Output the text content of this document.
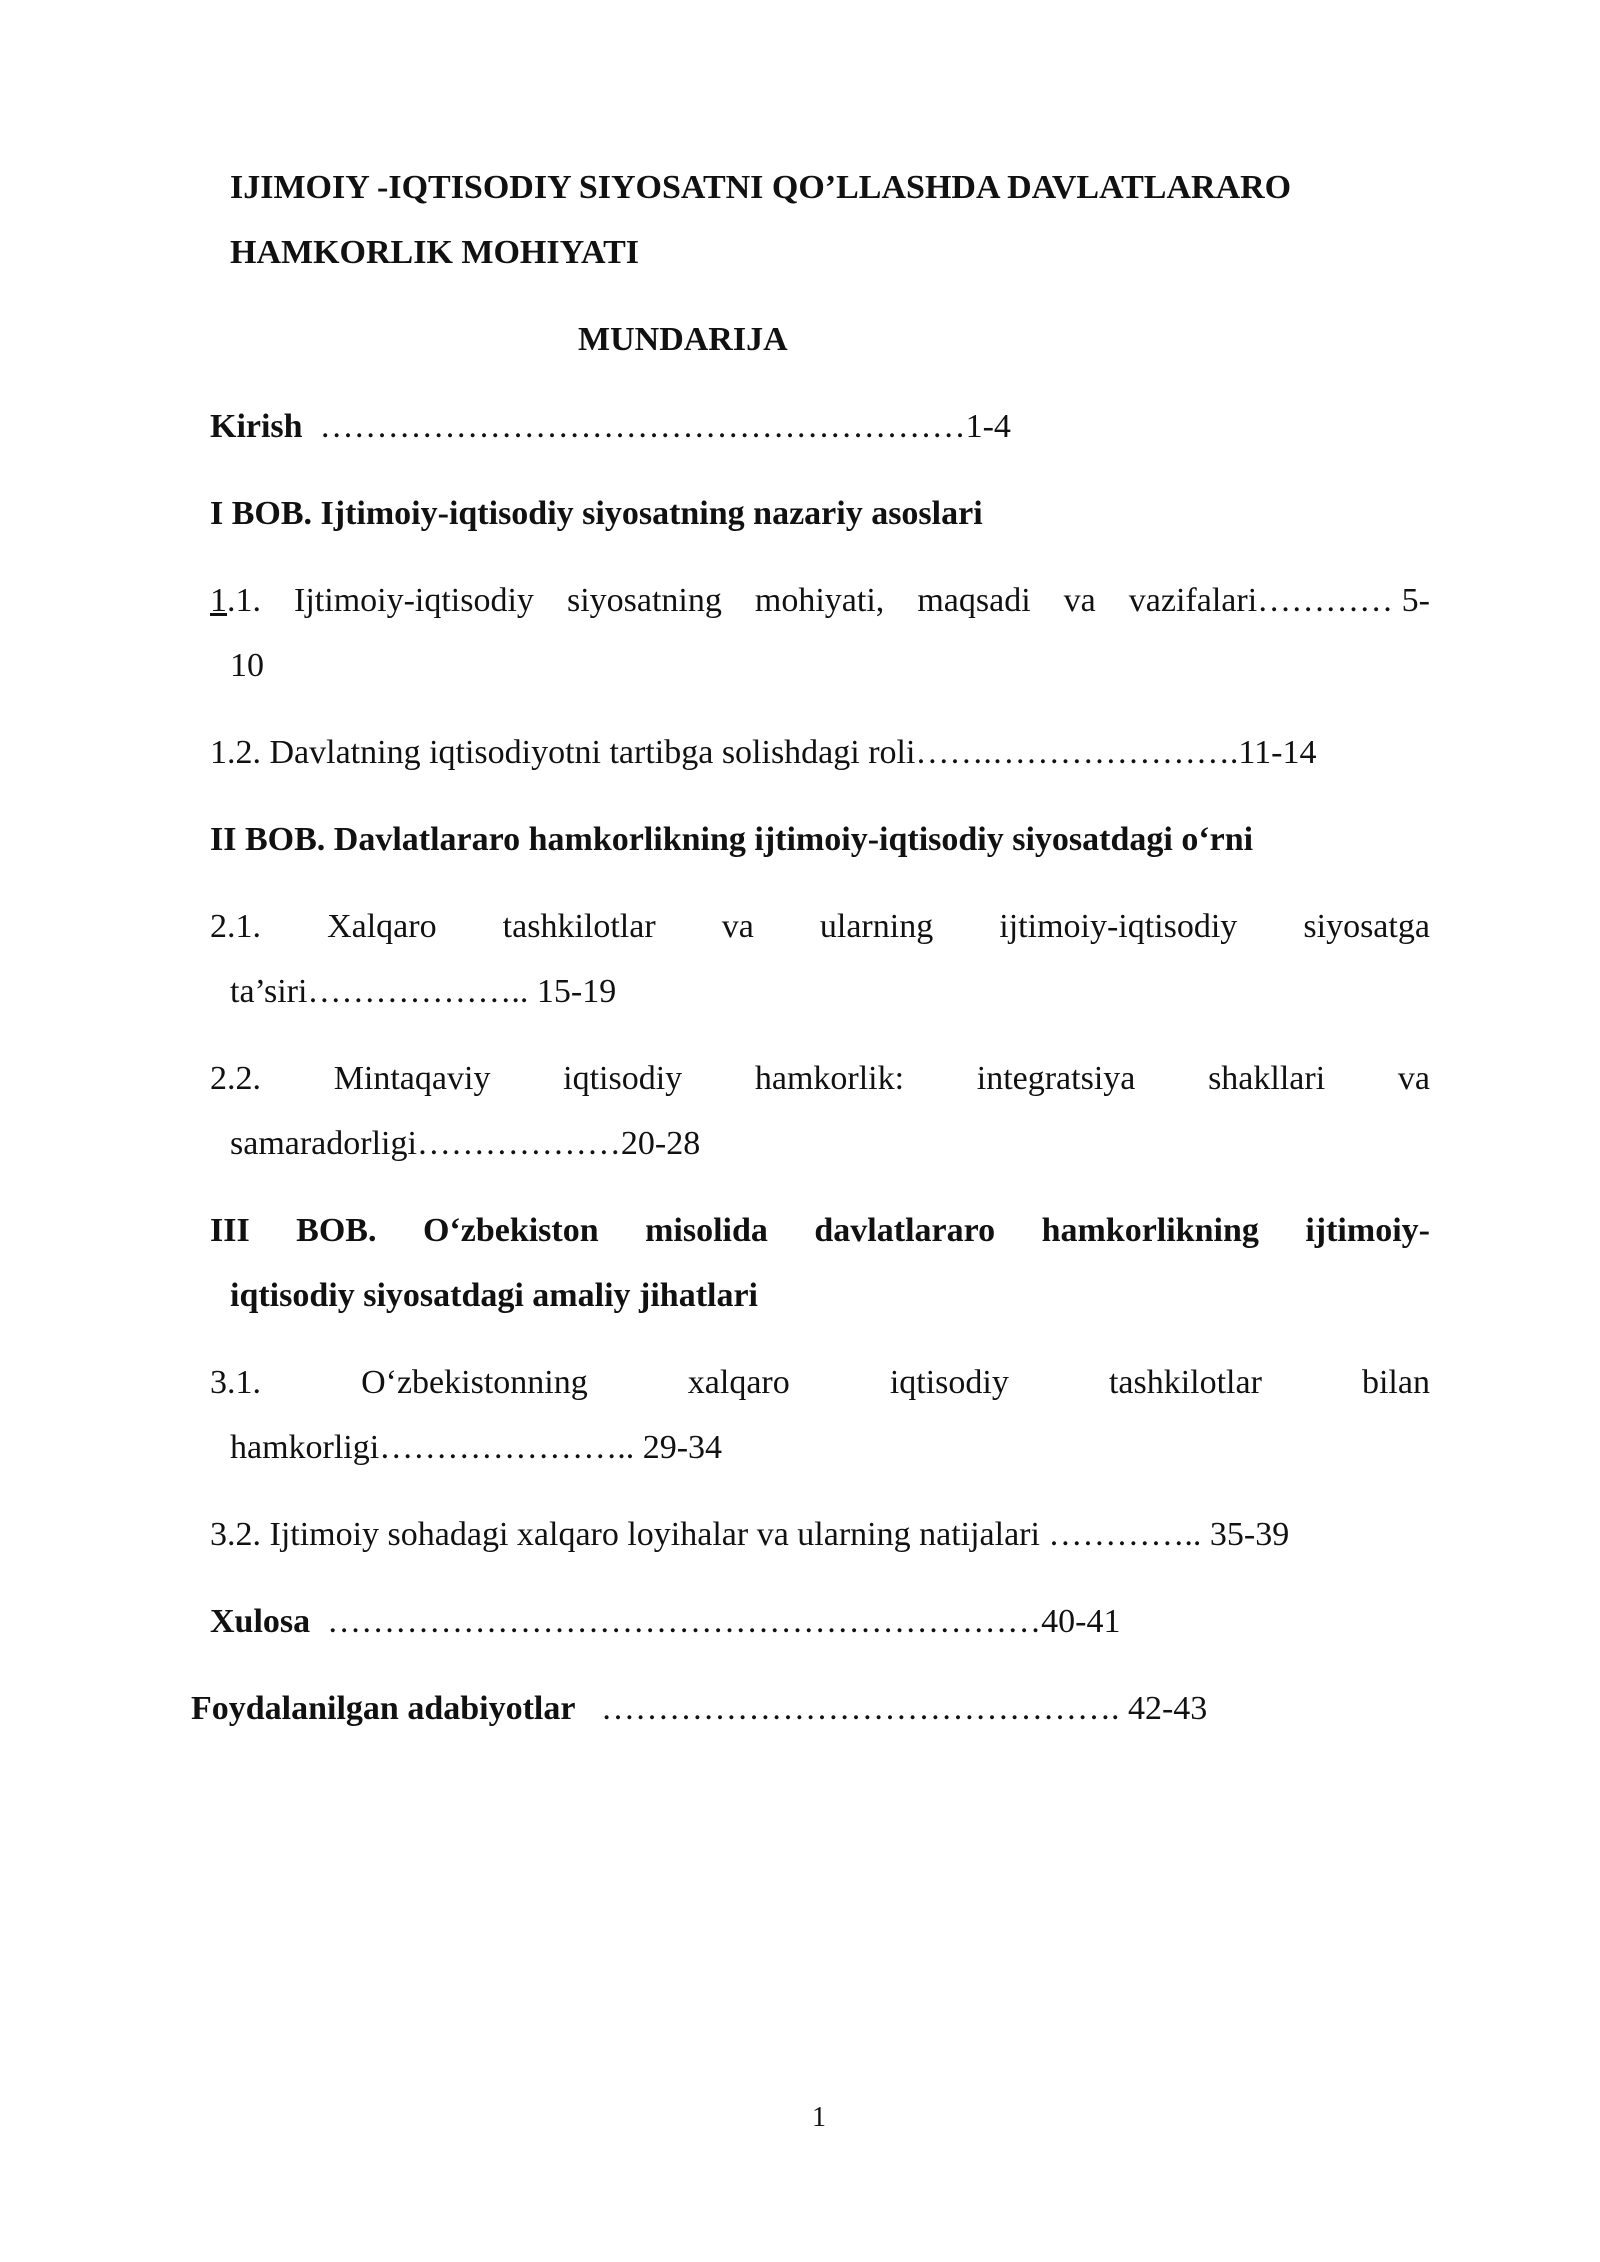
IJIMOIY -IQTISODIY SIYOSATNI QO’LLASHDA DAVLATLARARO
HAMKORLIK MOHIYATI
MUNDARIJA
Kirish …………………………………………………1-4
I BOB. Ijtimoiy-iqtisodiy siyosatning nazariy asoslari
1.1. Ijtimoiy-iqtisodiy siyosatning mohiyati, maqsadi va vazifalari………… 5-
10
1.2. Davlatning iqtisodiyotni tartibga solishdagi roli…….………………….11-14
II BOB. Davlatlararo hamkorlikning ijtimoiy-iqtisodiy siyosatdagi o‘rni
2.1. Xalqaro tashkilotlar va ularning ijtimoiy-iqtisodiy siyosatga
ta’siri……………….. 15-19
2.2. Mintaqaviy iqtisodiy hamkorlik: integratsiya shakllari va
samaradorligi………………20-28
III BOB. O‘zbekiston misolida davlatlararo hamkorlikning ijtimoiy-
iqtisodiy siyosatdagi amaliy jihatlari
3.1.	O‘zbekistonning	xalqaro	iqtisodiy	tashkilotlar	bilan
hamkorligi………………….. 29-34
3.2. Ijtimoiy sohadagi xalqaro loyihalar va ularning natijalari ………….. 35-39
Xulosa ………………………………………………………40-41
Foydalanilgan adabiyotlar ………………………………………. 42-43
1
